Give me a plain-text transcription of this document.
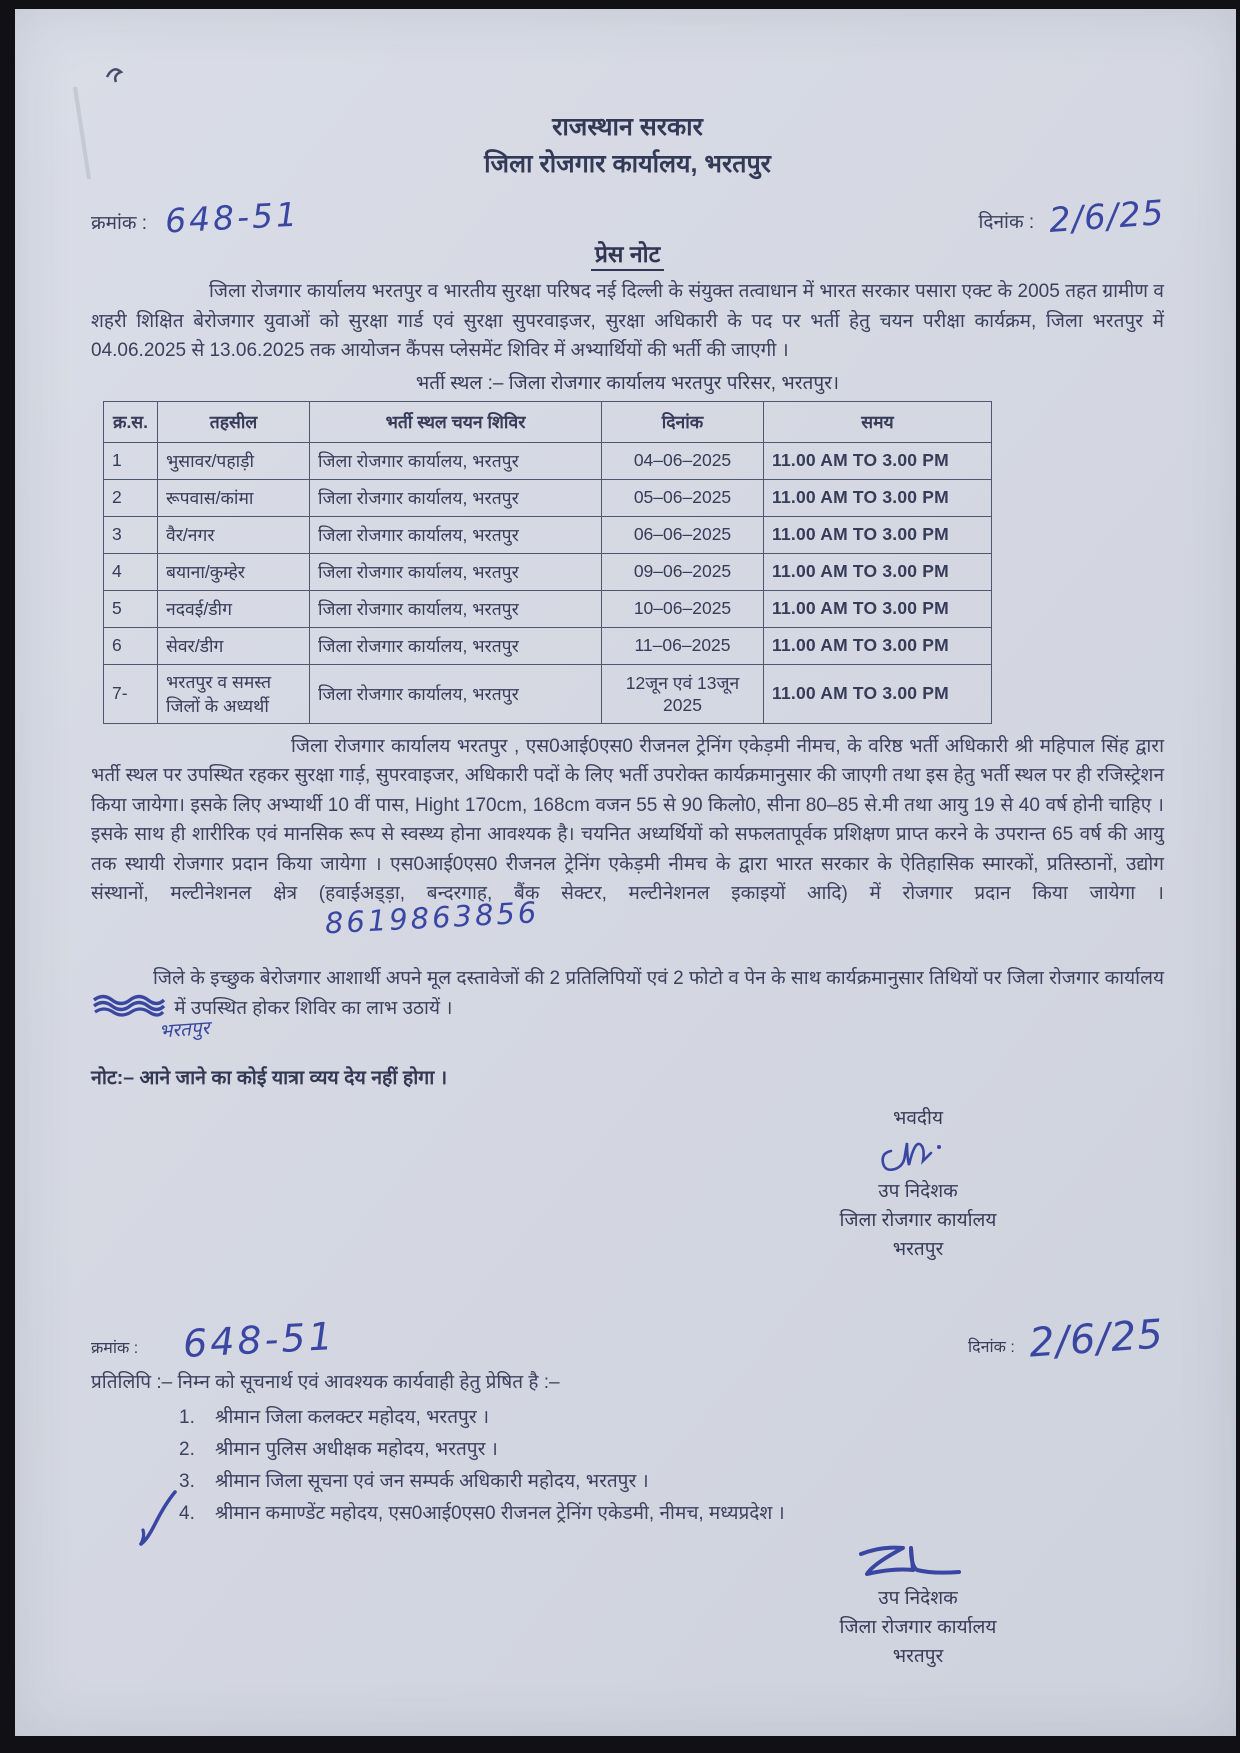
राजस्थान सरकार
जिला रोजगार कार्यालय, भरतपुर
क्रमांक : 648-51	दिनांक : 2/6/25
प्रेस नोट

जिला रोजगार कार्यालय भरतपुर व भारतीय सुरक्षा परिषद नई दिल्ली के संयुक्त तत्वाधान में भारत सरकार पसारा एक्ट के 2005 तहत ग्रामीण व शहरी शिक्षित बेरोजगार युवाओं को सुरक्षा गार्ड एवं सुरक्षा सुपरवाइजर, सुरक्षा अधिकारी के पद पर भर्ती हेतु चयन परीक्षा कार्यक्रम, जिला भरतपुर में 04.06.2025 से 13.06.2025 तक आयोजन कैंपस प्लेसमेंट शिविर में अभ्यार्थियों की भर्ती की जाएगी ।

भर्ती स्थल :– जिला रोजगार कार्यालय भरतपुर परिसर, भरतपुर।
क्र.स.	तहसील	भर्ती स्थल चयन शिविर	दिनांक	समय
1	भुसावर/पहाड़ी	जिला रोजगार कार्यालय, भरतपुर	04–06–2025	11.00 AM TO 3.00 PM
2	रूपवास/कांमा	जिला रोजगार कार्यालय, भरतपुर	05–06–2025	11.00 AM TO 3.00 PM
3	वैर/नगर	जिला रोजगार कार्यालय, भरतपुर	06–06–2025	11.00 AM TO 3.00 PM
4	बयाना/कुम्हेर	जिला रोजगार कार्यालय, भरतपुर	09–06–2025	11.00 AM TO 3.00 PM
5	नदवई/डीग	जिला रोजगार कार्यालय, भरतपुर	10–06–2025	11.00 AM TO 3.00 PM
6	सेवर/डीग	जिला रोजगार कार्यालय, भरतपुर	11–06–2025	11.00 AM TO 3.00 PM
7-	भरतपुर व समस्त जिलों के अध्यर्थी	जिला रोजगार कार्यालय, भरतपुर	12जून एवं 13जून 2025	11.00 AM TO 3.00 PM

जिला रोजगार कार्यालय भरतपुर , एस0आई0एस0 रीजनल ट्रेनिंग एकेड़मी नीमच, के वरिष्ठ भर्ती अधिकारी श्री महिपाल सिंह द्वारा भर्ती स्थल पर उपस्थित रहकर सुरक्षा गार्ड़, सुपरवाइजर, अधिकारी पदों के लिए भर्ती उपरोक्त कार्यक्रमानुसार की जाएगी तथा इस हेतु भर्ती स्थल पर ही रजिस्ट्रेशन किया जायेगा। इसके लिए अभ्यार्थी 10 वीं पास, Hight 170cm, 168cm वजन 55 से 90 किलो0, सीना 80–85 से.मी तथा आयु 19 से 40 वर्ष होनी चाहिए । इसके साथ ही शारीरिक एवं मानसिक रूप से स्वस्थ्य होना आवश्यक है। चयनित अध्यर्थियों को सफलतापूर्वक प्रशिक्षण प्राप्त करने के उपरान्त 65 वर्ष की आयु तक स्थायी रोजगार प्रदान किया जायेगा । एस0आई0एस0 रीजनल ट्रेनिंग एकेड़मी नीमच के द्वारा भारत सरकार के ऐतिहासिक स्मारकों, प्रतिस्ठानों, उद्योग संस्थानों, मल्टीनेशनल क्षेत्र (हवाईअड्ड़ा, बन्दरगाह, बैंक सेक्टर, मल्टीनेशनल इकाइयों आदि) में रोजगार प्रदान किया जायेगा ।8619863856

जिले के इच्छुक बेरोजगार आशार्थी अपने मूल दस्तावेजों की 2 प्रतिलिपियों एवं 2 फोटो व पेन के साथ कार्यक्रमानुसार तिथियों पर जिला रोजगार कार्यालय
भरतपुर
में उपस्थित होकर शिविर का लाभ उठायें ।

नोट:– आने जाने का कोई यात्रा व्यय देय नहीं होगा ।
भवदीय
उप निदेशक
जिला रोजगार कार्यालय
भरतपुर
क्रमांक : 648-51	दिनांक : 2/6/25
प्रतिलिपि :– निम्न को सूचनार्थ एवं आवश्यक कार्यवाही हेतु प्रेषित है :–
1. श्रीमान जिला कलक्टर महोदय, भरतपुर ।
2. श्रीमान पुलिस अधीक्षक महोदय, भरतपुर ।
3. श्रीमान जिला सूचना एवं जन सम्पर्क अधिकारी महोदय, भरतपुर ।
4. श्रीमान कमाण्डेंट महोदय, एस0आई0एस0 रीजनल ट्रेनिंग एकेडमी, नीमच, मध्यप्रदेश ।
उप निदेशक
जिला रोजगार कार्यालय
भरतपुर
